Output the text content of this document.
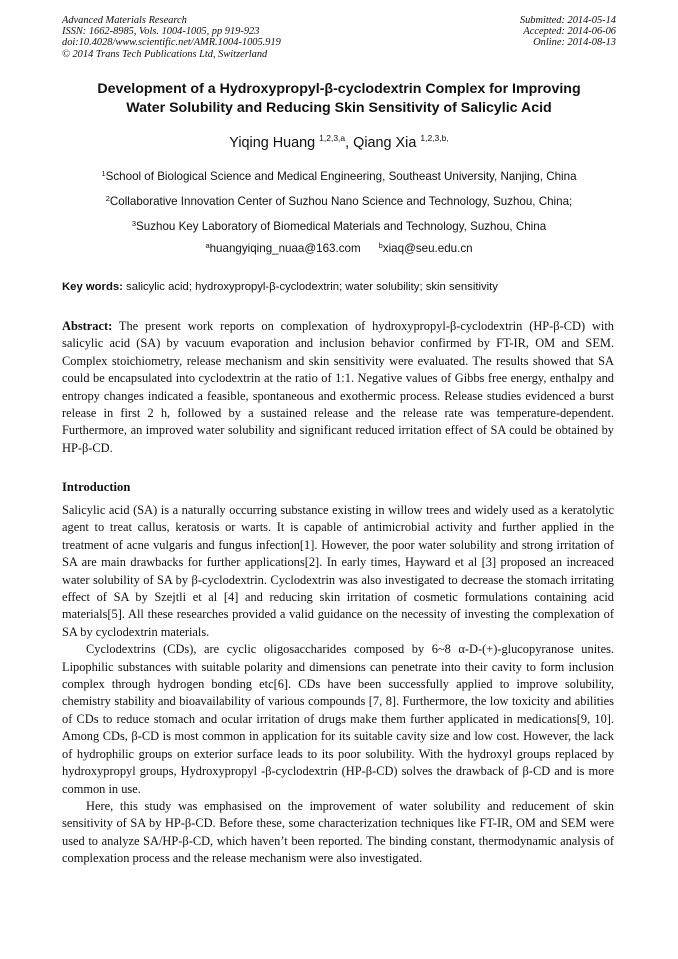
Advanced Materials Research
ISSN: 1662-8985, Vols. 1004-1005, pp 919-923
doi:10.4028/www.scientific.net/AMR.1004-1005.919
© 2014 Trans Tech Publications Ltd, Switzerland
Submitted: 2014-05-14
Accepted: 2014-06-06
Online: 2014-08-13
Development of a Hydroxypropyl-β-cyclodextrin Complex for Improving
Water Solubility and Reducing Skin Sensitivity of Salicylic Acid
Yiqing Huang $^{1,2,3,a}$, Qiang Xia $^{1,2,3,b,}$
$^1$School of Biological Science and Medical Engineering, Southeast University, Nanjing, China
$^2$Collaborative Innovation Center of Suzhou Nano Science and Technology, Suzhou, China;
$^3$Suzhou Key Laboratory of Biomedical Materials and Technology, Suzhou, China
$^a$huangyiqing_nuaa@163.com $^b$xiaq@seu.edu.cn
Key words: salicylic acid; hydroxypropyl-β-cyclodextrin; water solubility; skin sensitivity
Abstract: The present work reports on complexation of hydroxypropyl-β-cyclodextrin (HP-β-CD) with salicylic acid (SA) by vacuum evaporation and inclusion behavior confirmed by FT-IR, OM and SEM. Complex stoichiometry, release mechanism and skin sensitivity were evaluated. The results showed that SA could be encapsulated into cyclodextrin at the ratio of 1:1. Negative values of Gibbs free energy, enthalpy and entropy changes indicated a feasible, spontaneous and exothermic process. Release studies evidenced a burst release in first 2 h, followed by a sustained release and the release rate was temperature-dependent. Furthermore, an improved water solubility and significant reduced irritation effect of SA could be obtained by HP-β-CD.
Introduction
Salicylic acid (SA) is a naturally occurring substance existing in willow trees and widely used as a keratolytic agent to treat callus, keratosis or warts. It is capable of antimicrobial activity and further applied in the treatment of acne vulgaris and fungus infection[1]. However, the poor water solubility and strong irritation of SA are main drawbacks for further applications[2]. In early times, Hayward et al [3] proposed an increaced water solubility of SA by β-cyclodextrin. Cyclodextrin was also investigated to decrease the stomach irritating effect of SA by Szejtli et al [4] and reducing skin irritation of cosmetic formulations containing acid materials[5]. All these researches provided a valid guidance on the necessity of investing the complexation of SA by cyclodextrin materials.
Cyclodextrins (CDs), are cyclic oligosaccharides composed by 6~8 α-D-(+)-glucopyranose unites. Lipophilic substances with suitable polarity and dimensions can penetrate into their cavity to form inclusion complex through hydrogen bonding etc[6]. CDs have been successfully applied to improve solubility, chemistry stability and bioavailability of various compounds [7, 8]. Furthermore, the low toxicity and abilities of CDs to reduce stomach and ocular irritation of drugs make them further applicated in medications[9, 10]. Among CDs, β-CD is most common in application for its suitable cavity size and low cost. However, the lack of hydrophilic groups on exterior surface leads to its poor solubility. With the hydroxyl groups replaced by hydroxypropyl groups, Hydroxypropyl -β-cyclodextrin (HP-β-CD) solves the drawback of β-CD and is more common in use.
Here, this study was emphasised on the improvement of water solubility and reducement of skin sensitivity of SA by HP-β-CD. Before these, some characterization techniques like FT-IR, OM and SEM were used to analyze SA/HP-β-CD, which haven’t been reported. The binding constant, thermodynamic analysis of complexation process and the release mechanism were also investigated.
